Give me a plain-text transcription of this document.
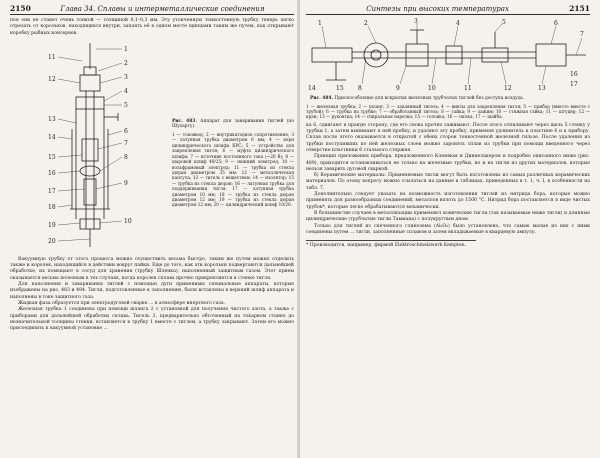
2150	Глава 34. Сплавы и интерметаллические соединения

поя они не станет очень тонкой — толщиной 0,1–0,3 мм. Эту утонченную тонкостенную трубку теперь легко отрезать от корольков, находящихся внутри, запаять её в одном месте щипцами таким же путем, как открывают коробку рыбных консервов.

1
2
3
4
5
6
7
8
9
10
11
12
13
14
15
16
17
18
19
20
Рис. 483. Аппарат для заваривания тиглей (по Шухарту).
1 — токоввод; 2 — внутрикатодное сопротивление; 3 — латунная трубка диаметром 6 мм; 4 — керн цилиндрического шлифа КРС; 5 — устройство для закрепления тигля; 6 — муфта цилиндрического шлифа; 7 — источник постоянного тока (~20 В); 8 — шаровой шлиф 40/25; 9 — нижний электрод; 10 — вольфрамовый электрод; 11 — трубка из стекла дюран диаметром 35 мм; 12 — металлическая капсула; 13 — тигель с веществом; 14 — изолятор; 15 — трубка из стекла дюран; 16 — латунная трубка для поддерживания тигля; 17 — латунная трубка диаметром 10 мм; 18 — трубка из стекла дюран диаметром 12 мм; 19 — трубка из стекла дюран диаметром 12 мм; 20 — цилиндрический шлиф 10/20.

Вакуумную трубку от этого процесса можно осуществить весьма быстро, таким же путем можно отделить также и королек, находящийся в действии вокруг пайки. Еще до того, как эти корольки подвергаются дальнейшей обработке, их помещают в сосуд для хранения (трубку Шленка), наполненный защитным газом. Этот прием оказывается весьма полезным в тех случаях, когда королек сплава прочно прикрепляется к стенке тигля.

Для наполнения и заваривания тиглей с помощью дуги применимы специальные аппараты, которые изображены на рис. 483 и 484. Тигли, подготовленные к заполнению, были вставлены в верхний шлиф аппарата и наполнены в токе защитного газа.

Жидкая фаза образуется при электродуговой сварке ... в атмосфере инертного газа.

Железная трубка 1 соединена при помощи шланга 2 с установкой для получения чистого азота, а также с приборами для дальнейшей обработки сплава. Тигель 3, предварительно обточенный на токарном станке до незначительной толщины стенки, вставляется в трубку 1 вместе с тиглем, а трубку закрывают. Затем его можно присоединить к вакуумной установке ...

Синтезы при высоких температурах	2151
1	2	3	4	5	6
7
8	9	10	11	12	13
14	15
16
17
Рис. 484. Приспособление для вскрытия железных трубчатых тиглей без доступа воздуха.
1 — железная трубка; 2 — шланг; 3 — запаянный тигель; 4 — винты для закрепления тигля; 5 — прибор (вместо вместе с трубой); 6 — трубка на трубке; 7 — обработанный тигель; 8 — гайка; 9 — зажим; 10 — стяжная гайка; 11 — штуцер; 12 — кран; 13 — рукоятка; 14 — спиральная нарезка; 15 — головка; 16 — пилка; 17 — шайба.

ка 6, сдвигают в правую сторону, где его снова прочно зажимают. После этого отпиливают через щель 5 стенку у трубки 1, а затем вынимают к ней пробку, и удаляют эту пробку, применяя удлинитель к пластине 6 и к прибору. Сплав после этого оказывается в открытой с обеих сторон тонкостенной железной гильзе. После удаления из трубки поступивших по ней железных слоев можно заронять сплав из трубки при помощи введенного через отверстие пластинки 6 стального стержня.

Принцип приложения прибора, предложенного Клеммом и Динкелакером и подробно описанного ниже (рис. 489), приходится останавливаться не только на железные трубки, но и на тигли из других материалов, которые нельзя заварить дуговой сваркой.

б) Керамические материалы. Применяемые тигли могут быть изготовлены из самых различных керамических материалов. По этому вопросу можно ссылаться на данные в таблицах, приведенных в т. 1, ч. I, в особенности на табл. 7.

Дополнительно следует указать на возможность изготовления тиглей из нитрида бора, которые можно применять для разнообразных соединений, металлов вплоть до 1500 °С. Нитрид бора поставляется в виде чистых трубок*, которые легко обрабатываются механически.

В большинстве случаев в металлизации применяют конические тигли (так называемые ниже тигли) и длинные цилиндрические (трубчатые тигли Таммана) с полукруглым дном.

Только для тиглей из спеченного глинозема (Al₂O₃) было установлено, что самые малые из них с ними соединены путем ... тигли, заполненные сплавом и затем вкладываемые в кварцевую ампулу.

* Производится, например, фирмой Elektroschmelzwerk Kempten.
